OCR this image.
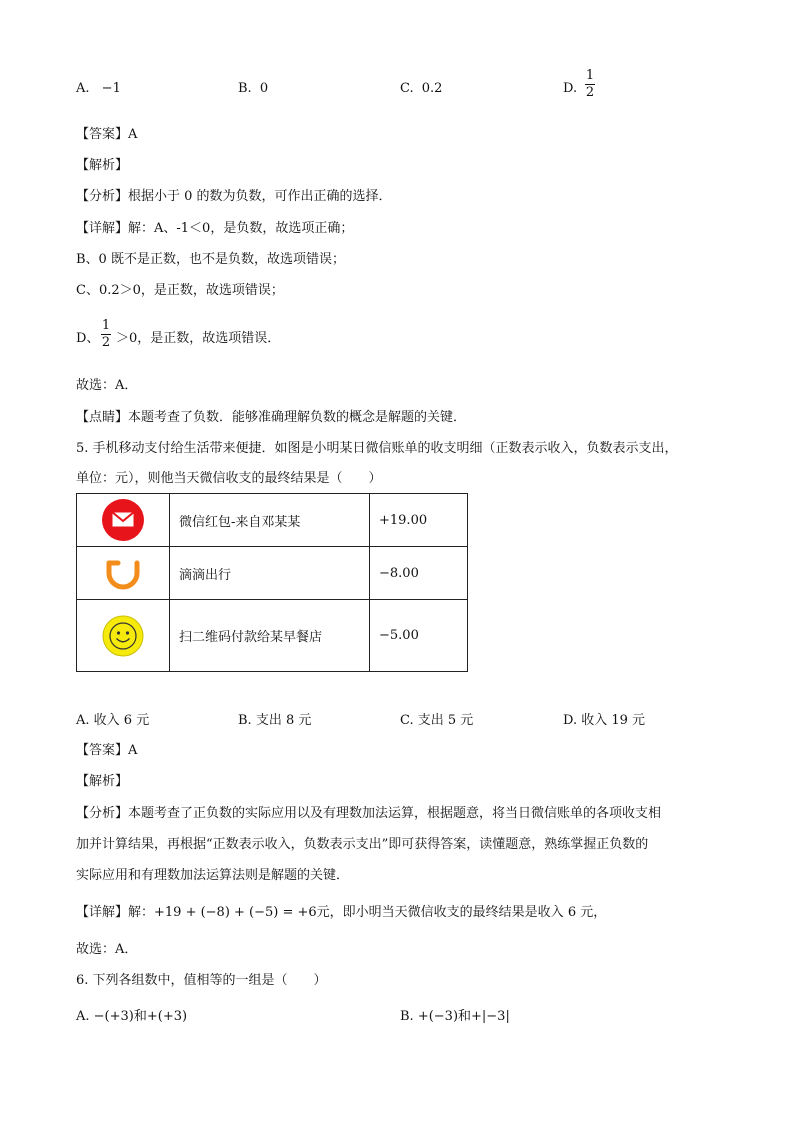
A. −1	B. 0	C. 0.2	D.
1
2
【答案】A
【解析】
【分析】根据小于 0 的数为负数，可作出正确的选择．
【详解】解：A、-1＜0，是负数，故选项正确；
B、0 既不是正数，也不是负数，故选项错误；
C、0.2＞0，是正数，故选项错误；
D、
1
2 ＞0，是正数，故选项错误．
故选：A．
【点睛】本题考查了负数．能够准确理解负数的概念是解题的关键．
5. 手机移动支付给生活带来便捷．如图是小明某日微信账单的收支明细（正数表示收入，负数表示支出，
单位：元），则他当天微信收支的最终结果是（　　）
	微信红包-来自邓某某	+19.00

	滴滴出行	−8.00

	扫二维码付款给某早餐店	−5.00
A. 收入 6 元	B. 支出 8 元	C. 支出 5 元	D. 收入 19 元
【答案】A
【解析】
【分析】本题考查了正负数的实际应用以及有理数加法运算，根据题意，将当日微信账单的各项收支相
加并计算结果，再根据“正数表示收入，负数表示支出”即可获得答案，读懂题意，熟练掌握正负数的
实际应用和有理数加法运算法则是解题的关键．
【详解】解：+19 + (−8) + (−5) = +6元，即小明当天微信收支的最终结果是收入 6 元，
故选：A．
6. 下列各组数中，值相等的一组是（　　）
A. −(+3)和+(+3)	B. +(−3)和+|−3|
